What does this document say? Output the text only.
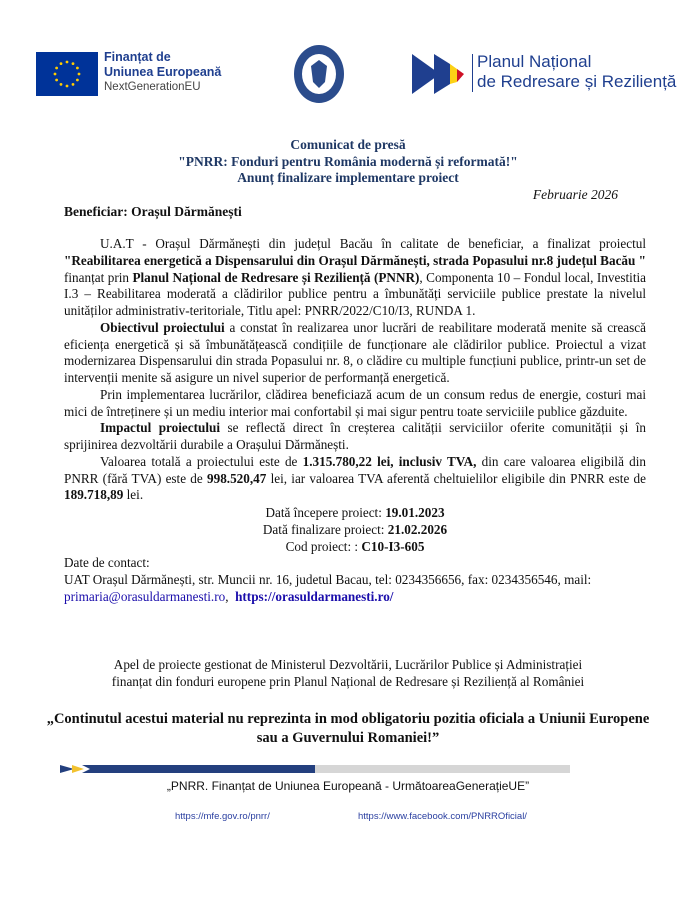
Finanțat de
Uniunea Europeană
NextGenerationEU
Planul Național
de Redresare și Reziliență
Comunicat de presă
"PNRR: Fonduri pentru România modernă și reformată!"
Anunț finalizare implementare proiect
Februarie 2026
Beneficiar: Orașul Dărmănești

U.A.T - Orașul Dărmănești din județul Bacău în calitate de beneficiar, a finalizat proiectul "Reabilitarea energetică a Dispensarului din Orașul Dărmănești, strada Popasului nr.8 județul Bacău " finanțat prin Planul Național de Redresare și Reziliență (PNNR), Componenta 10 – Fondul local, Investitia I.3 – Reabilitarea moderată a clădirilor publice pentru a îmbunătăți serviciile publice prestate la nivelul unităților administrativ-teritoriale, Titlu apel: PNRR/2022/C10/I3, RUNDA 1.

Obiectivul proiectului a constat în realizarea unor lucrări de reabilitare moderată menite să crească eficiența energetică și să îmbunătățească condițiile de funcționare ale clădirilor publice. Proiectul a vizat modernizarea Dispensarului din strada Popasului nr. 8, o clădire cu multiple funcțiuni publice, printr-un set de intervenții menite să asigure un nivel superior de performanță energetică.

Prin implementarea lucrărilor, clădirea beneficiază acum de un consum redus de energie, costuri mai mici de întreținere și un mediu interior mai confortabil și mai sigur pentru toate serviciile publice găzduite.

Impactul proiectului se reflectă direct în creșterea calității serviciilor oferite comunității și în sprijinirea dezvoltării durabile a Orașului Dărmănești.

Valoarea totală a proiectului este de 1.315.780,22 lei, inclusiv TVA, din care valoarea eligibilă din PNRR (fără TVA) este de 998.520,47 lei, iar valoarea TVA aferentă cheltuielilor eligibile din PNRR este de 189.718,89 lei.

Dată începere proiect: 19.01.2023
Dată finalizare proiect: 21.02.2026
Cod proiect: : C10-I3-605
Date de contact:
UAT Orașul Dărmănești, str. Muncii nr. 16, judetul Bacau, tel: 0234356656, fax: 0234356546, mail:
primaria@orasuldarmanesti.ro,  https://orasuldarmanesti.ro/
Apel de proiecte gestionat de Ministerul Dezvoltării, Lucrărilor Publice și Administrației
finanțat din fonduri europene prin Planul Național de Redresare și Reziliență al României
„Continutul acestui material nu reprezinta in mod obligatoriu pozitia oficiala a Uniunii Europene
sau a Guvernului Romaniei!”
„PNRR. Finanțat de Uniunea Europeană - UrmătoareaGenerațieUE”
https://mfe.gov.ro/pnrr/	https://www.facebook.com/PNRROficial/
